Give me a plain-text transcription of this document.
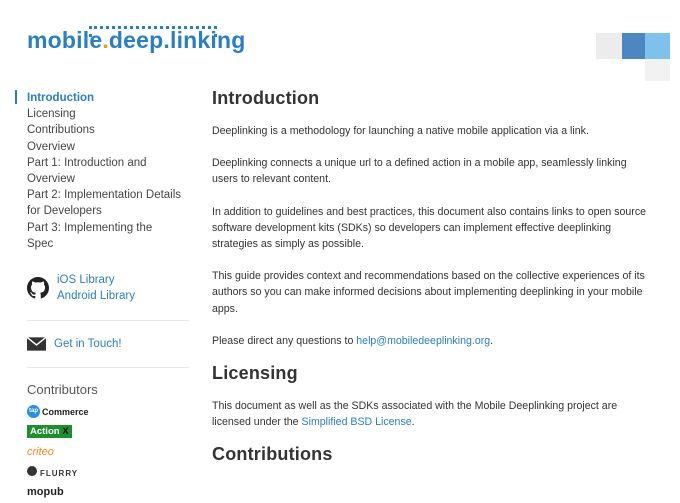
mobile.deep.linking
Introduction
Licensing
Contributions
Overview
Part 1: Introduction and
Overview
Part 2: Implementation Details
for Developers
Part 3: Implementing the
Spec
iOS Library
Android Library
Get in Touch!
Contributors
tap Commerce
Action X
criteo
FLURRY
mopub
Introduction

Deeplinking is a methodology for launching a native mobile application via a link.

Deeplinking connects a unique url to a defined action in a mobile app, seamlessly linking users to relevant content.

In addition to guidelines and best practices, this document also contains links to open source software development kits (SDKs) so developers can implement effective deeplinking strategies as simply as possible.

This guide provides context and recommendations based on the collective experiences of its authors so you can make informed decisions about implementing deeplinking in your mobile apps.

Please direct any questions to help@mobiledeeplinking.org.

Licensing

This document as well as the SDKs associated with the Mobile Deeplinking project are licensed under the Simplified BSD License.

Contributions
